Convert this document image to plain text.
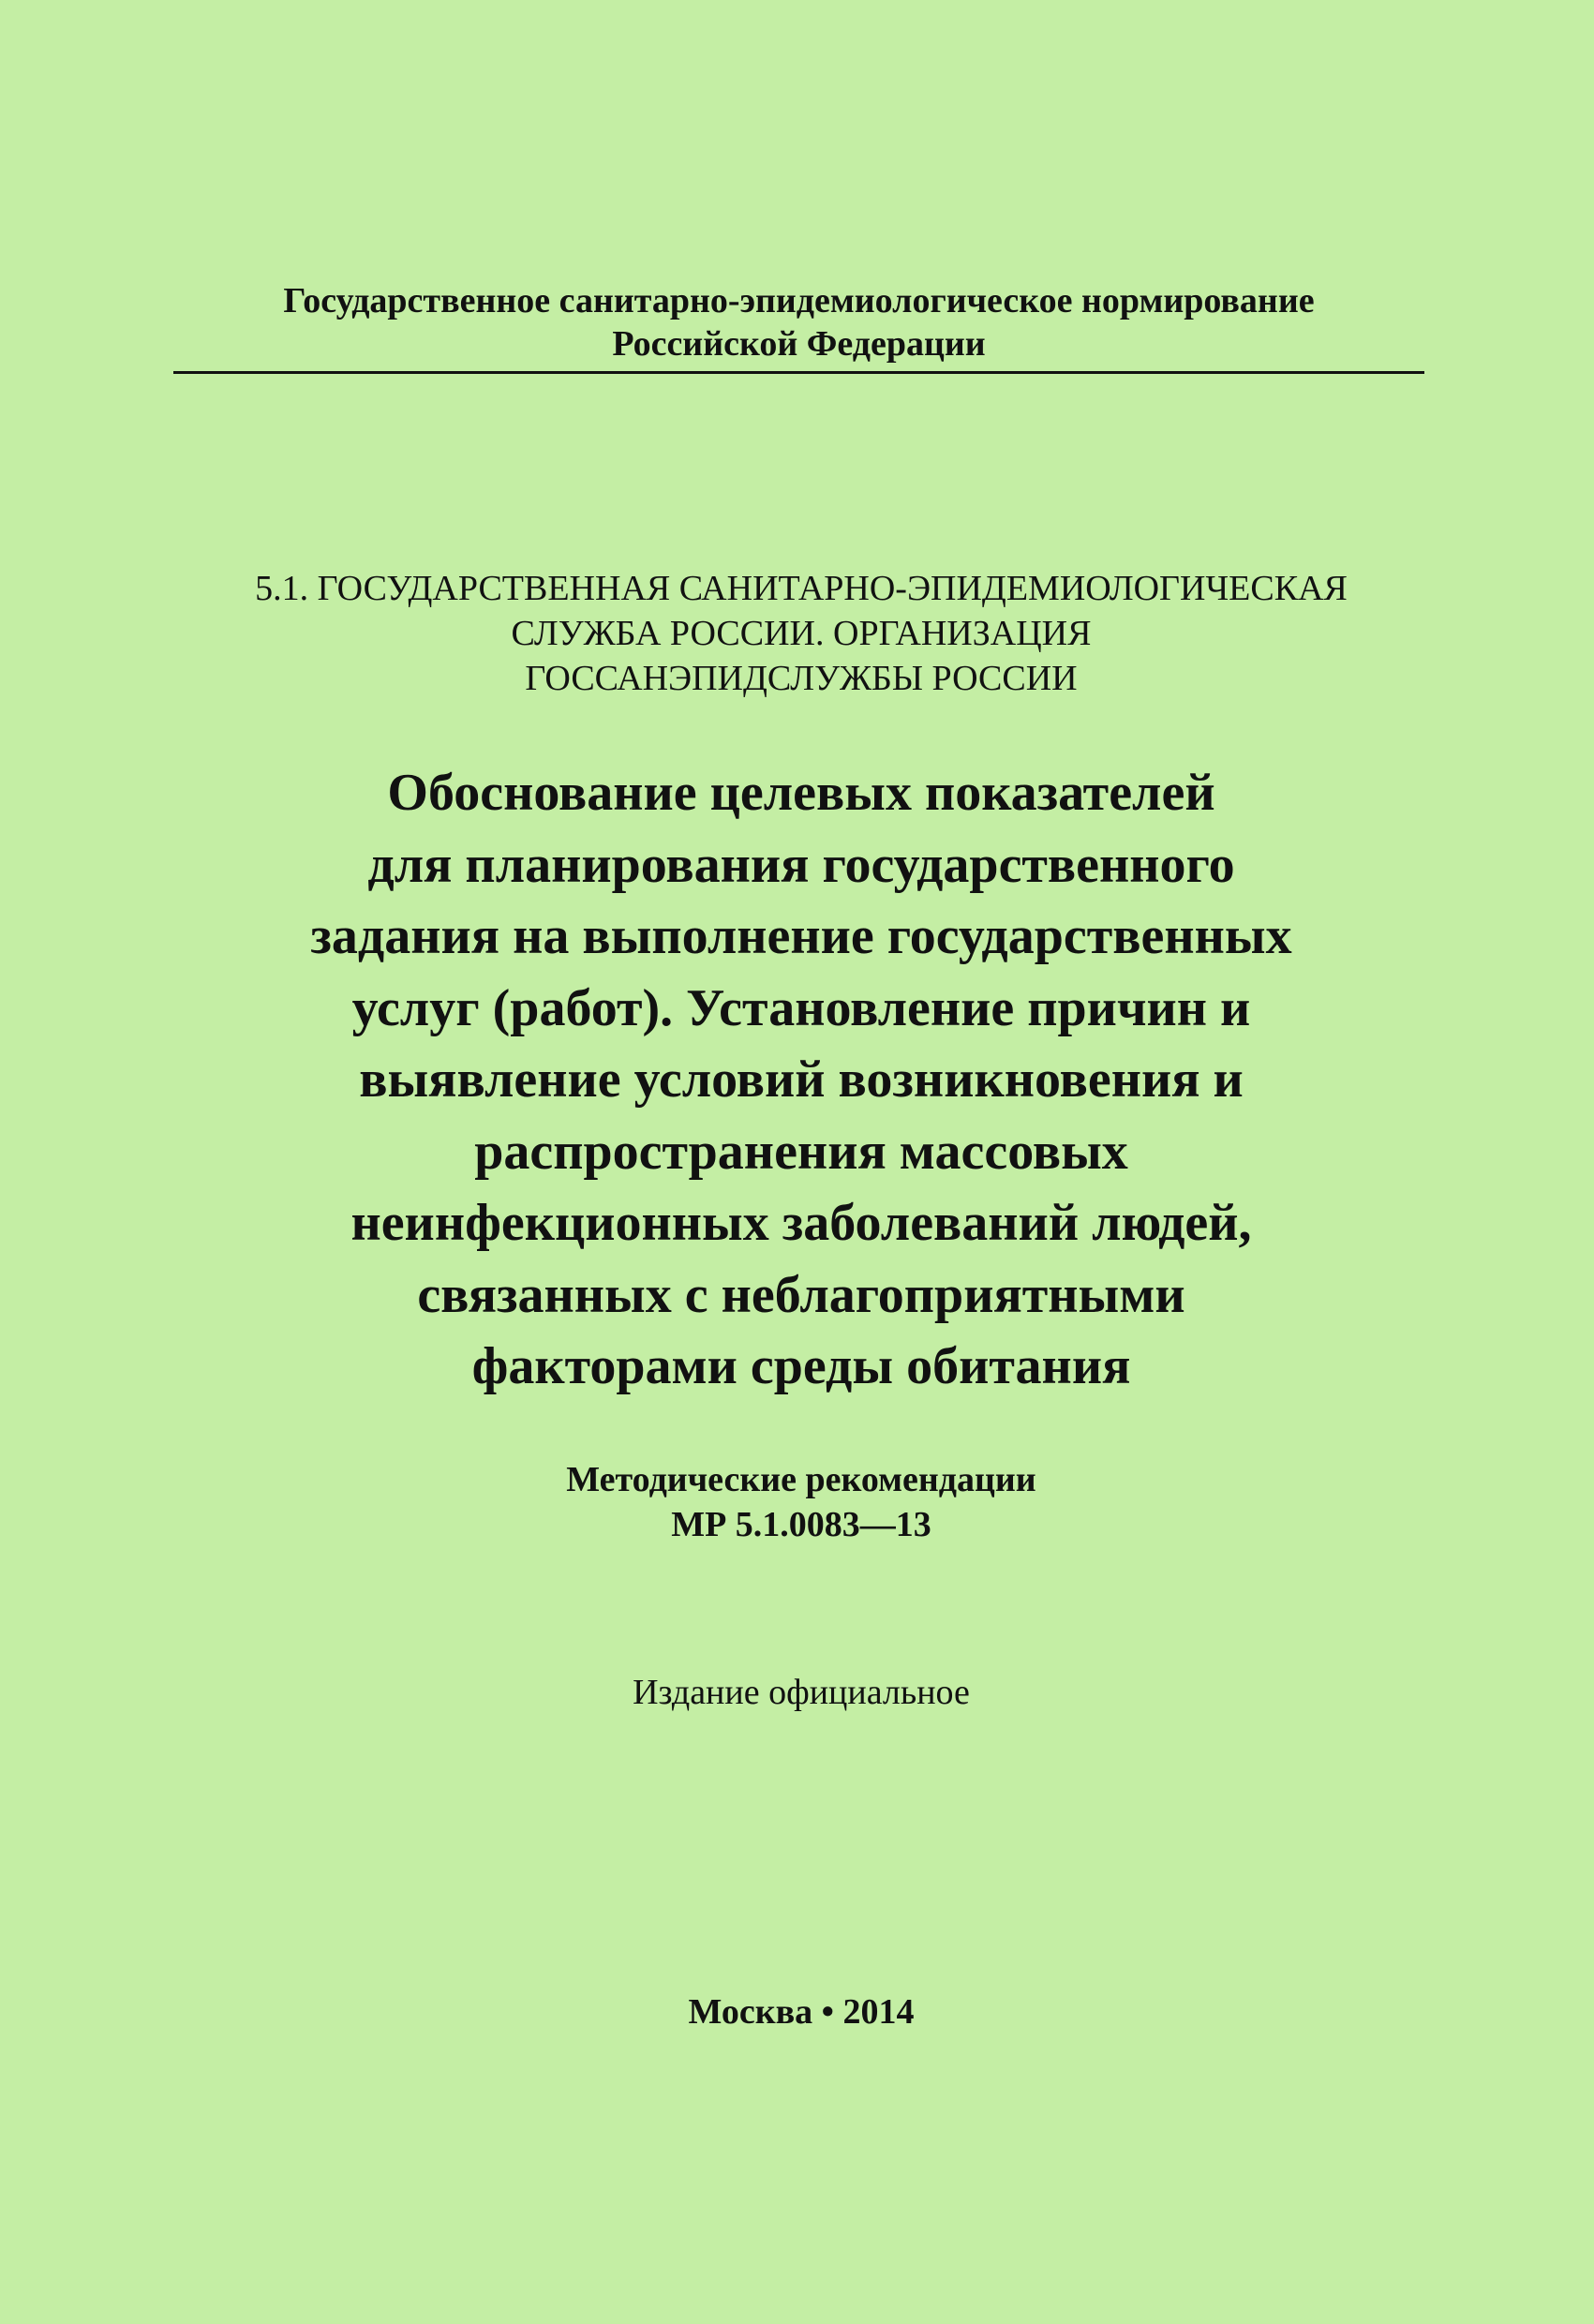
Государственное санитарно-эпидемиологическое нормирование
Российской Федерации
5.1. ГОСУДАРСТВЕННАЯ САНИТАРНО-ЭПИДЕМИОЛОГИЧЕСКАЯ
СЛУЖБА РОССИИ. ОРГАНИЗАЦИЯ
ГОССАНЭПИДСЛУЖБЫ РОССИИ
Обоснование целевых показателей
для планирования государственного
задания на выполнение государственных
услуг (работ). Установление причин и
выявление условий возникновения и
распространения массовых
неинфекционных заболеваний людей,
связанных с неблагоприятными
факторами среды обитания
Методические рекомендации
МР 5.1.0083—13
Издание официальное
Москва • 2014
